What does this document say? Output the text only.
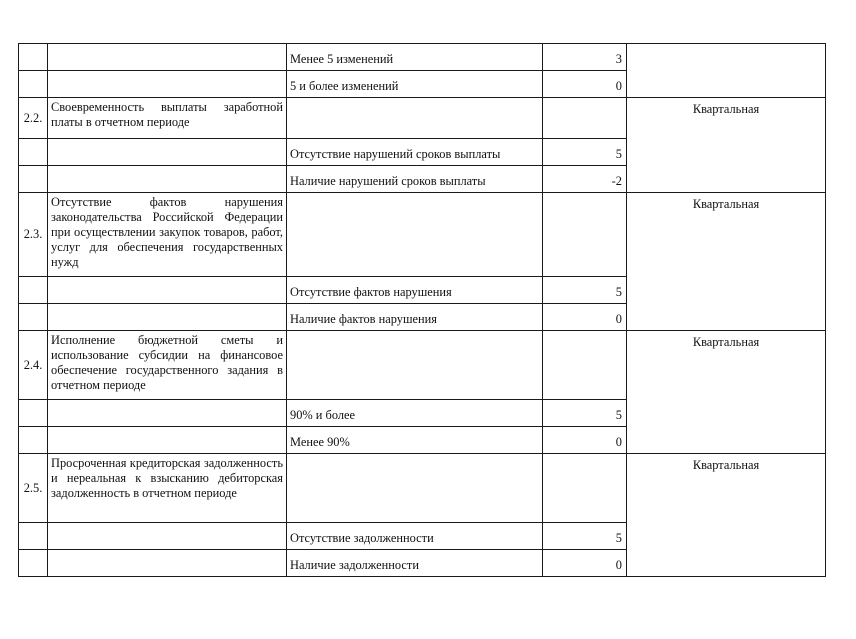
		Менее 5 изменений	3	
		5 и более изменений	0	
2.2.	Своевременность выплаты заработной платы в отчетном периоде			Квартальная
		Отсутствие нарушений сроков выплаты	5	
		Наличие нарушений сроков выплаты	-2	
2.3.	Отсутствие фактов нарушения законодательства Российской Федерации при осуществлении закупок товаров, работ, услуг для обеспечения государственных нужд			Квартальная
		Отсутствие фактов нарушения	5	
		Наличие фактов нарушения	0	
2.4.	Исполнение бюджетной сметы и использование субсидии на финансовое обеспечение государственного задания в отчетном периоде			Квартальная
		90% и более	5	
		Менее 90%	0	
2.5.	Просроченная кредиторская задолженность и нереальная к взысканию дебиторская задолженность в отчетном периоде			Квартальная
		Отсутствие задолженности	5	
		Наличие задолженности	0	
